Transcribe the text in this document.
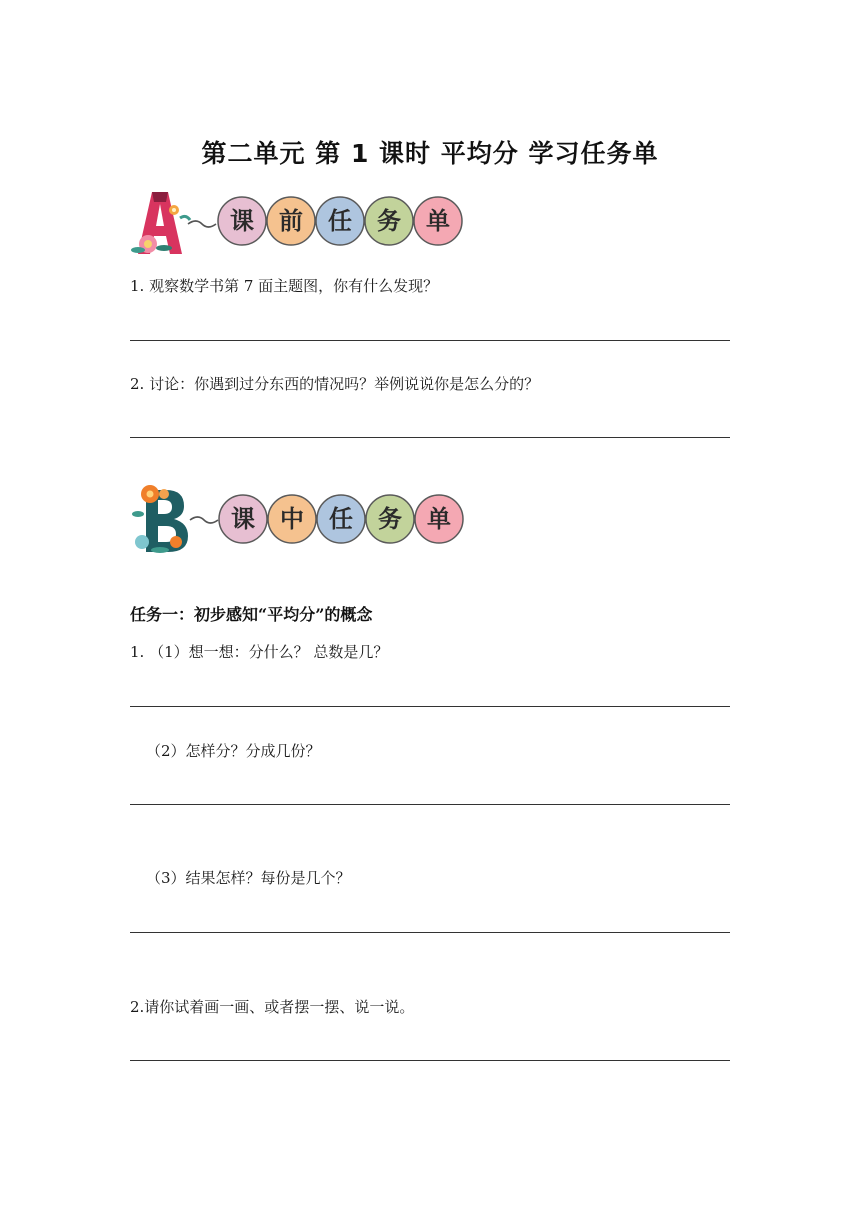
第二单元 第 1 课时 平均分 学习任务单
课	前	任	务	单
1. 观察数学书第 7 面主题图，你有什么发现？
2. 讨论：你遇到过分东西的情况吗？举例说说你是怎么分的？
课	中	任	务	单
任务一：初步感知“平均分”的概念
1. （1）想一想：分什么？ 总数是几？
（2）怎样分？分成几份？
（3）结果怎样？每份是几个？
2.请你试着画一画、或者摆一摆、说一说。
